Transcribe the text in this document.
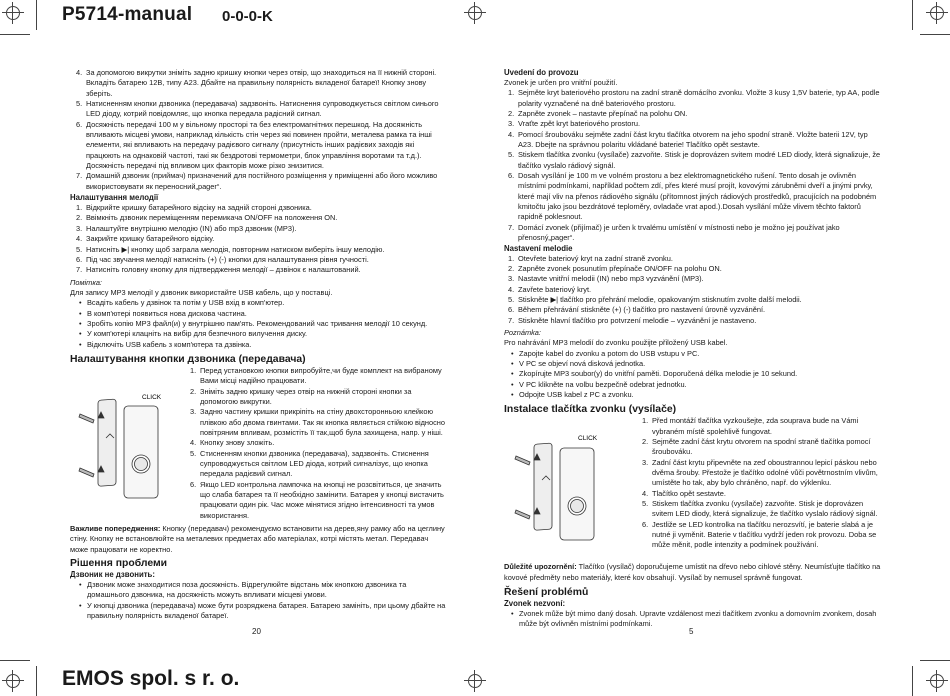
P5714-manual 0-0-0-K
EMOS spol. s r. o.
4. За допомогою викрутки зніміть задню кришку кнопки через отвір, що знаходиться на її нижній стороні. Вкладіть батарею 12В, типу А23. Дбайте на правильну полярність вкладеної батареї! Кнопку знову зберіть.
5. Натисненням кнопки дзвоника (передавача) задзвоніть. Натиснення супроводжується світлом синього LED діоду, котрий повідомляє, що кнопка передала радісний сигнал.
6. Досяжність передачі 100 м у вільному просторі та без електромагнітних перешкод. На досяжність впливають місцеві умови, наприклад кількість стін через які повинен пройти, металева рамка та інші елементи, які впливають на передачу радієвого сигналу (присутність інших радієвих заходів які працюють на однаковій частоті, такі як бездротові термометри, блок управління воротами та т.д.). Досяжність передачі під впливом цих факторів може різко знизитися.
7. Домашній дзвоник (приймач) призначений для постійного розміщення у приміщенні або його можливо використовувати як переносний„pager“.
Налаштування мелодії
1. Відкрийте кришку батарейного відсіку на задній стороні дзвоника.
2. Ввімкніть дзвоник переміщенням перемикача ON/OFF на положення ON.
3. Налаштуйте внутрішню мелодію (IN) або mp3 дзвоник (MP3).
4. Закрийте кришку батарейного відсіку.
5. Натисніть ▶| кнопку щоб заграла мелодія, повторним натиском виберіть іншу мелодію.
6. Під час звучання мелодії натисніть (+) (-) кнопки для налаштування рівня гучності.
7. Натисніть головну кнопку для підтвердження мелодії – дзвінок є налаштований.
Помітка:
Для запису MP3 мелодії у дзвоник використайте USB кабель, що у поставці.
• Всадіть кабель у дзвінок та потім у USB вхід в комп'ютер.
• В комп'ютері появиться нова дискова частина.
• Зробіть копію MP3 файл(и) у внутрішню пам'ять. Рекомендований час тривання мелодії 10 секунд.
• У комп'ютері клацніть на вибір для безпечного вилучення диску.
• Відключіть USB кабель з комп'ютера та дзвінка.
Налаштування кнопки дзвоника (передавача)
CLICK
1. Перед установкою кнопки випробуйте,чи буде комплект на вибраному Вами місці надійно працювати.
2. Зніміть задню кришку через отвір на нижній стороні кнопки за допомогою викрутки.
3. Задню частину кришки прикріпіть на стіну двохсторонньою клейкою плівкою або двома гвинтами. Так як кнопка являється стійкою відносно повітряним впливам, розмістіть її так,щоб була захищена, напр. у ніші.
4. Кнопку знову зложіть.
5. Стисненням кнопки дзвоника (передавача), задзвоніть. Стиснення супроводжується світлом LED діода, котрий сигналізує, що кнопка передала радієвий сигнал.
6. Якщо LED контрольна лампочка на кнопці не розсвітиться, це значить що слаба батарея та її необхідно замінити. Батарея у кнопці вистачить працювати один рік. Час може мінятися згідно інтенсивності та умов використання.
Важливе попередження: Кнопку (передавач) рекомендуємо встановити на дерев,яну рамку або на цеглину стіну. Кнопку не встановлюйте на металевих предметах або матеріалах, котрі містять метал. Передавач може працювати не коректно.
Рішення проблеми
Дзвоник не дзвонить:
• Дзвоник може знаходитися поза досяжність. Відрегулюйте відстань між кнопкою дзвоника та домашнього дзвоника, на досяжність можуть впливати місцеві умови.
• У кнопці дзвоника (передавача) може бути розряджена батарея. Батарею замініть, при цьому дбайте на правильну полярність вкладеної батареї.
20
Uvedení do provozu
Zvonek je určen pro vnitřní použití.
1. Sejměte kryt bateriového prostoru na zadní straně domácího zvonku. Vložte 3 kusy 1,5V baterie, typ AA, podle polarity vyznačené na dně bateriového prostoru.
2. Zapněte zvonek – nastavte přepínač na polohu ON.
3. Vraťte zpět kryt bateriového prostoru.
4. Pomocí šroubováku sejměte zadní část krytu tlačítka otvorem na jeho spodní straně. Vložte baterii 12V, typ A23. Dbejte na správnou polaritu vkládané baterie! Tlačítko opět sestavte.
5. Stiskem tlačítka zvonku (vysílače) zazvoňte. Stisk je doprovázen svitem modré LED diody, která signalizuje, že tlačítko vyslalo rádiový signál.
6. Dosah vysílání je 100 m ve volném prostoru a bez elektromagnetického rušení. Tento dosah je ovlivněn místními podmínkami, například počtem zdí, přes které musí projít, kovovými zárubněmi dveří a jinými prvky, které mají vliv na přenos rádiového signálu (přítomnost jiných rádiových prostředků, pracujících na podobném kmitočtu jako jsou bezdrátové teploměry, ovladače vrat apod.).Dosah vysílání může vlivem těchto faktorů rapidně poklesnout.
7. Domácí zvonek (přijímač) je určen k trvalému umístění v místnosti nebo je možno jej používat jako přenosný„pager“.
Nastavení melodie
1. Otevřete bateriový kryt na zadní straně zvonku.
2. Zapněte zvonek posunutím přepínače ON/OFF na polohu ON.
3. Nastavte vnitřní melodii (IN) nebo mp3 vyzvánění (MP3).
4. Zavřete bateriový kryt.
5. Stiskněte ▶| tlačítko pro přehrání melodie, opakovaným stisknutím zvolte další melodii.
6. Během přehrávání stiskněte (+) (-) tlačítko pro nastavení úrovně vyzvánění.
7. Stiskněte hlavní tlačítko pro potvrzení melodie – vyzvánění je nastaveno.
Poznámka:
Pro nahrávání MP3 melodií do zvonku použijte přiložený USB kabel.
• Zapojte kabel do zvonku a potom do USB vstupu v PC.
• V PC se objeví nová disková jednotka.
• Zkopírujte MP3 soubor(y) do vnitřní paměti. Doporučená délka melodie je 10 sekund.
• V PC klikněte na volbu bezpečně odebrat jednotku.
• Odpojte USB kabel z PC a zvonku.
Instalace tlačítka zvonku (vysílače)
CLICK
1. Před montáží tlačítka vyzkoušejte, zda souprava bude na Vámi vybraném místě spolehlivě fungovat.
2. Sejměte zadní část krytu otvorem na spodní straně tlačítka pomocí šroubováku.
3. Zadní část krytu připevněte na zeď oboustrannou lepicí páskou nebo dvěma šrouby. Přestože je tlačítko odolné vůči povětrnostním vlivům, umístěte ho tak, aby bylo chráněno, např. do výklenku.
4. Tlačítko opět sestavte.
5. Stiskem tlačítka zvonku (vysílače) zazvoňte. Stisk je doprovázen svitem LED diody, která signalizuje, že tlačítko vyslalo rádiový signál.
6. Jestliže se LED kontrolka na tlačítku nerozsvítí, je baterie slabá a je nutné ji vyměnit. Baterie v tlačítku vydrží jeden rok provozu. Doba se může měnit, podle intenzity a podmínek používání.
Důležité upozornění: Tlačítko (vysílač) doporučujeme umístit na dřevo nebo cihlové stěny. Neumísťujte tlačítko na kovové předměty nebo materiály, které kov obsahují. Vysílač by nemusel správně fungovat.
Řešení problémů
Zvonek nezvoní:
• Zvonek může být mimo daný dosah. Upravte vzdálenost mezi tlačítkem zvonku a domovním zvonkem, dosah může být ovlivněn místními podmínkami.
5
